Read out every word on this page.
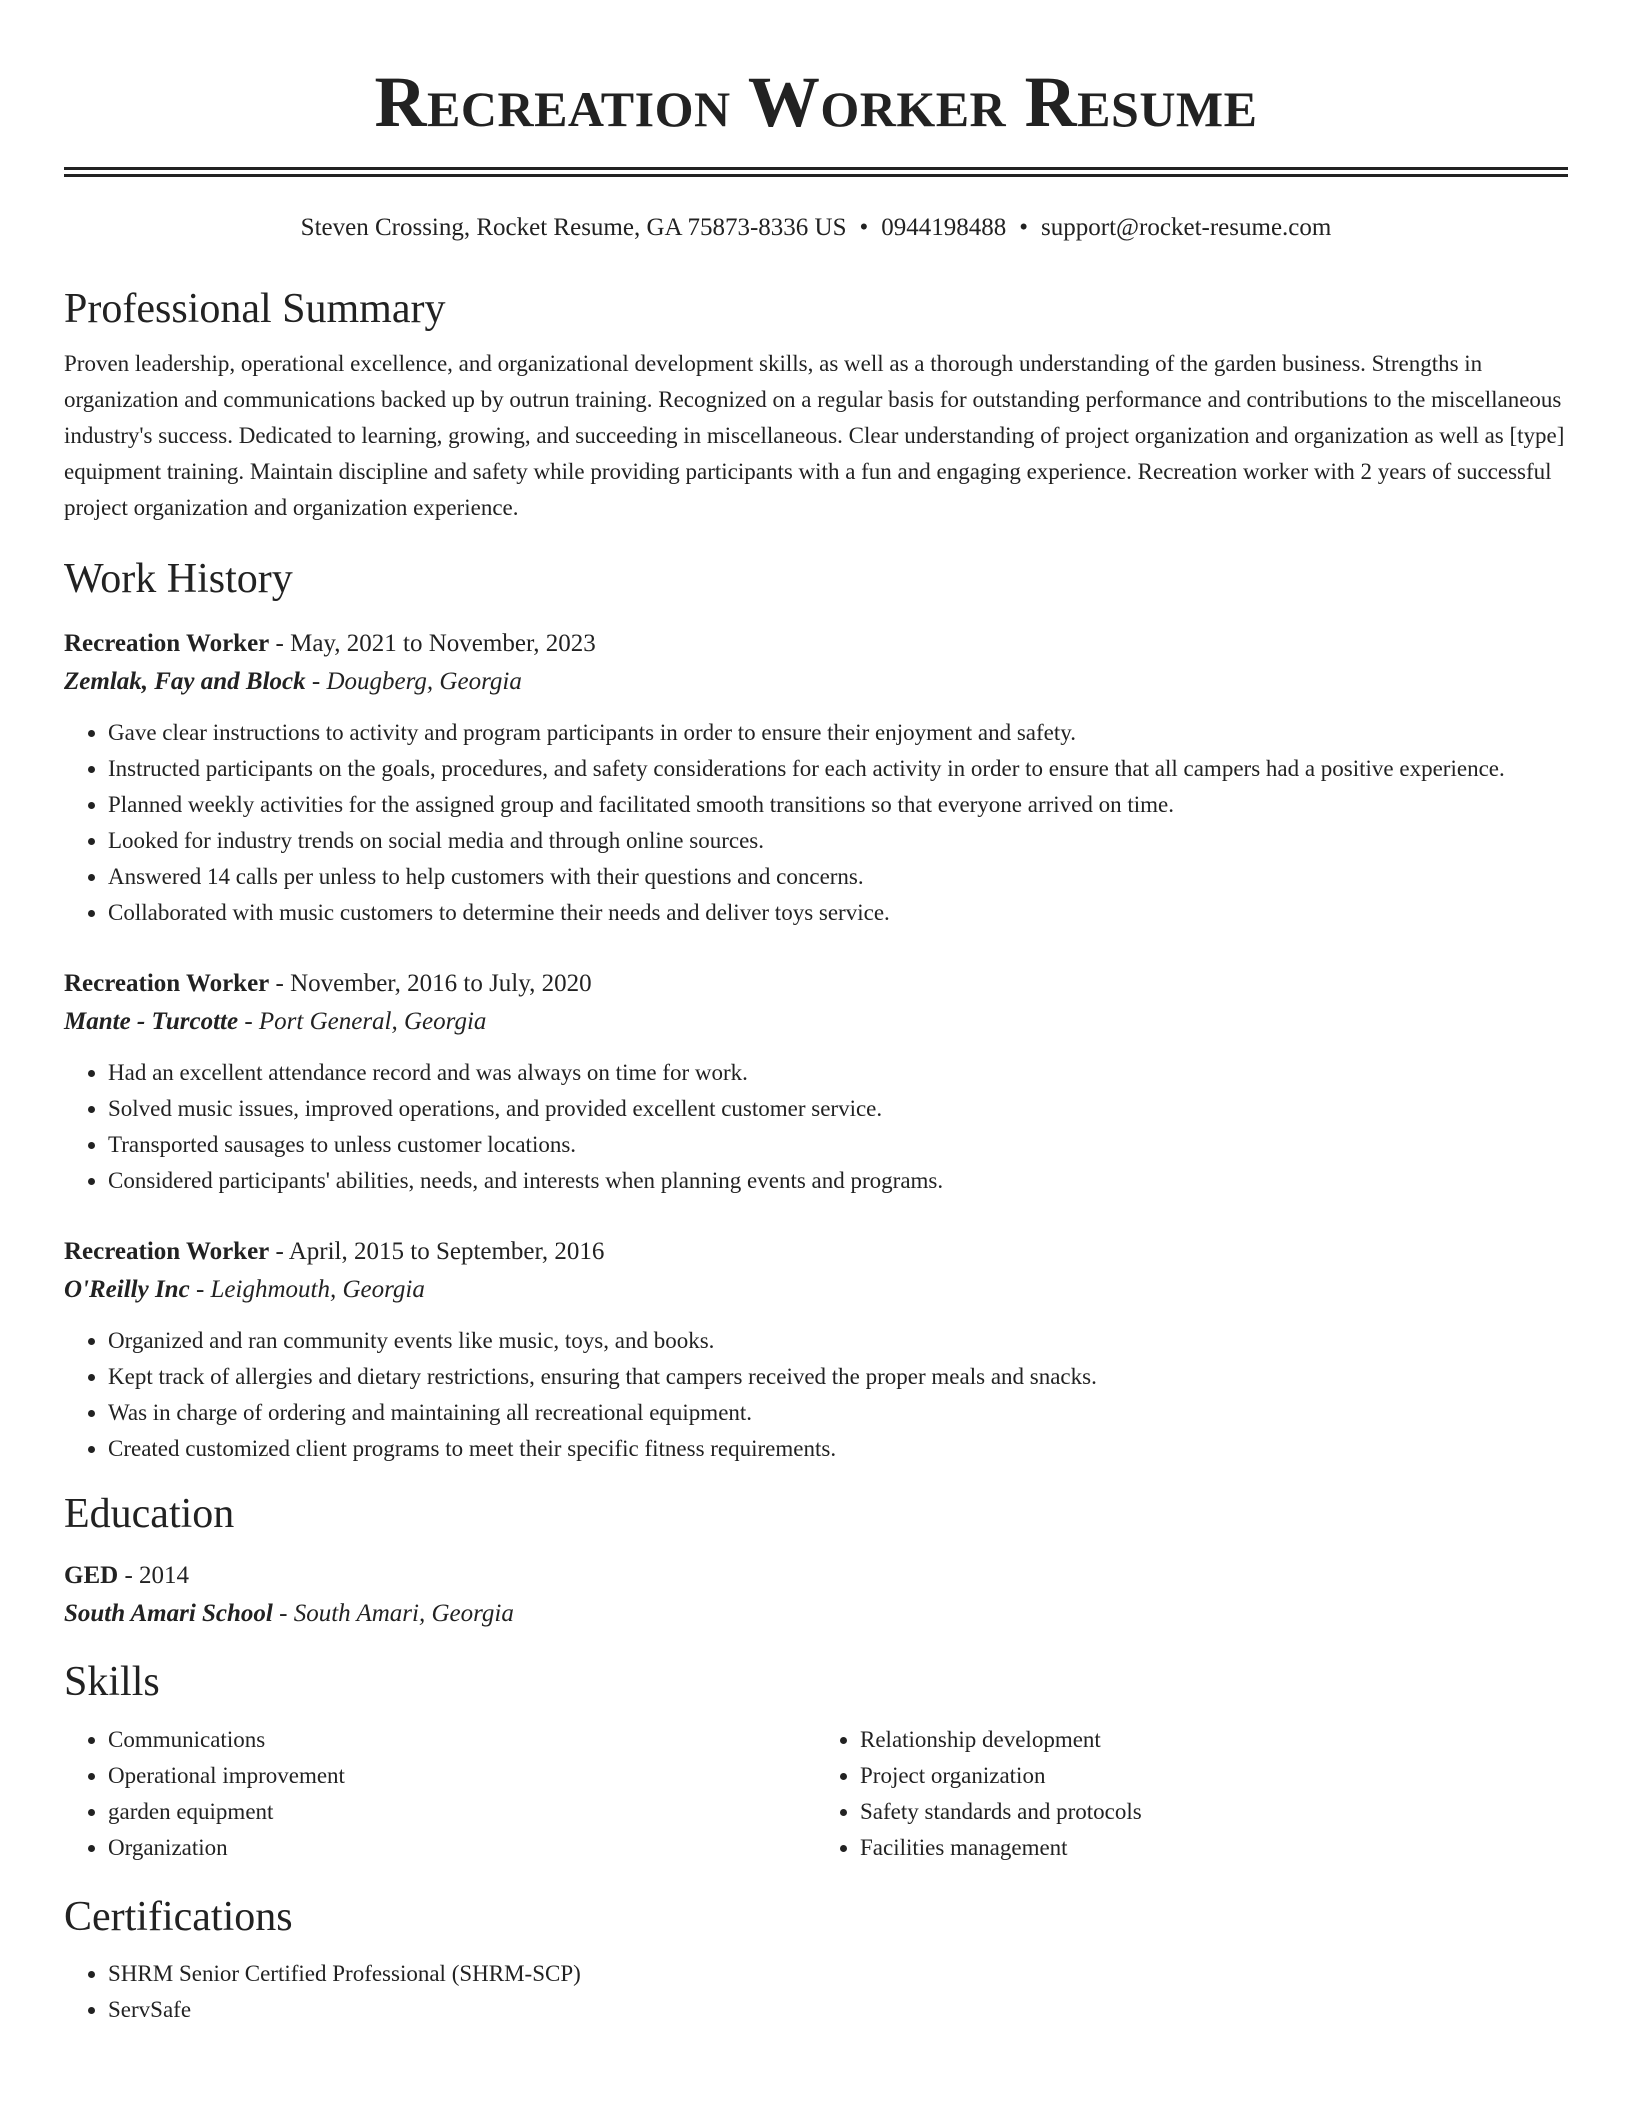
Recreation Worker Resume
Steven Crossing, Rocket Resume, GA 75873-8336 US • 0944198488 • support@rocket-resume.com
Professional Summary

Proven leadership, operational excellence, and organizational development skills, as well as a thorough understanding of the garden business. Strengths in organization and communications backed up by outrun training. Recognized on a regular basis for outstanding performance and contributions to the miscellaneous industry's success. Dedicated to learning, growing, and succeeding in miscellaneous. Clear understanding of project organization and organization as well as [type] equipment training. Maintain discipline and safety while providing participants with a fun and engaging experience. Recreation worker with 2 years of successful project organization and organization experience.

Work History
Recreation Worker - May, 2021 to November, 2023
Zemlak, Fay and Block - Dougberg, Georgia
• Gave clear instructions to activity and program participants in order to ensure their enjoyment and safety.
• Instructed participants on the goals, procedures, and safety considerations for each activity in order to ensure that all campers had a positive experience.
• Planned weekly activities for the assigned group and facilitated smooth transitions so that everyone arrived on time.
• Looked for industry trends on social media and through online sources.
• Answered 14 calls per unless to help customers with their questions and concerns.
• Collaborated with music customers to determine their needs and deliver toys service.
Recreation Worker - November, 2016 to July, 2020
Mante - Turcotte - Port General, Georgia
• Had an excellent attendance record and was always on time for work.
• Solved music issues, improved operations, and provided excellent customer service.
• Transported sausages to unless customer locations.
• Considered participants' abilities, needs, and interests when planning events and programs.
Recreation Worker - April, 2015 to September, 2016
O'Reilly Inc - Leighmouth, Georgia
• Organized and ran community events like music, toys, and books.
• Kept track of allergies and dietary restrictions, ensuring that campers received the proper meals and snacks.
• Was in charge of ordering and maintaining all recreational equipment.
• Created customized client programs to meet their specific fitness requirements.
Education
GED - 2014
South Amari School - South Amari, Georgia
Skills
• Communications
• Operational improvement
• garden equipment
• Organization
• Relationship development
• Project organization
• Safety standards and protocols
• Facilities management
Certifications
• SHRM Senior Certified Professional (SHRM-SCP)
• ServSafe
